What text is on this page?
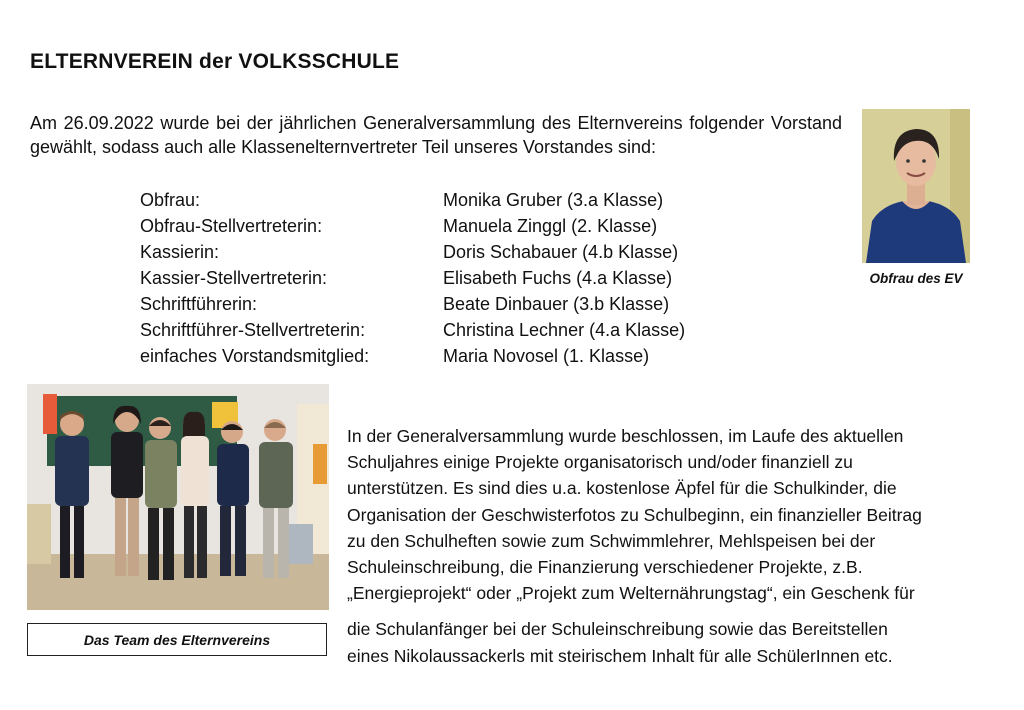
ELTERNVEREIN der VOLKSSCHULE
Am 26.09.2022 wurde bei der jährlichen Generalversammlung des Elternvereins folgender Vorstand gewählt, sodass auch alle Klassenelternvertreter Teil unseres Vorstandes sind:
Obfrau:	Monika Gruber (3.a Klasse)
Obfrau-Stellvertreterin:	Manuela Zinggl (2. Klasse)
Kassierin:	Doris Schabauer (4.b Klasse)
Kassier-Stellvertreterin:	Elisabeth Fuchs (4.a Klasse)
Schriftführerin:	Beate Dinbauer (3.b Klasse)
Schriftführer-Stellvertreterin:	Christina Lechner (4.a Klasse)
einfaches Vorstandsmitglied:	Maria Novosel (1. Klasse)
Obfrau des EV
Das Team des Elternvereins
In der Generalversammlung wurde beschlossen, im Laufe des aktuellen
Schuljahres einige Projekte organisatorisch und/oder finanziell zu
unterstützen. Es sind dies u.a. kostenlose Äpfel für die Schulkinder, die
Organisation der Geschwisterfotos zu Schulbeginn, ein finanzieller Beitrag
zu den Schulheften sowie zum Schwimmlehrer, Mehlspeisen bei der
Schuleinschreibung, die Finanzierung verschiedener Projekte, z.B.
„Energieprojekt“ oder „Projekt zum Welternährungstag“, ein Geschenk für
die Schulanfänger bei der Schuleinschreibung sowie das Bereitstellen
eines Nikolaussackerls mit steirischem Inhalt für alle SchülerInnen etc.
